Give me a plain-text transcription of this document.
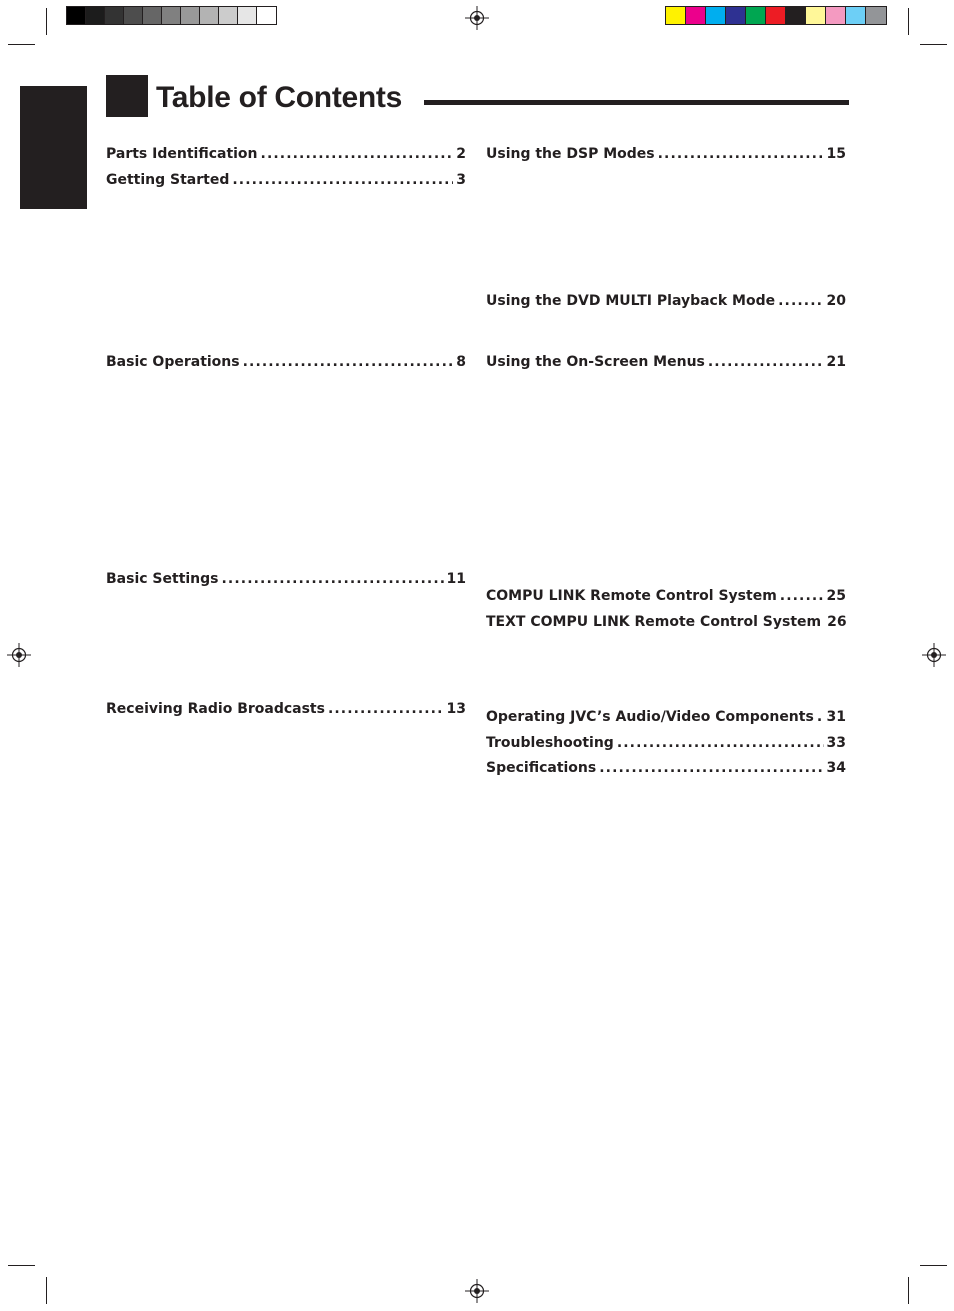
Table of Contents
Parts Identification .....	2
Getting Started .....	3
Basic Operations .....	8
Basic Settings .....	11
Receiving Radio Broadcasts .....	13
Using the DSP Modes .....	15
Using the DVD MULTI Playback Mode .....	20
Using the On-Screen Menus .....	21
COMPU LINK Remote Control System .....	25
TEXT COMPU LINK Remote Control System 26
Operating JVC’s Audio/Video Components ..... 31
Troubleshooting .....	33
Specifications .....	34
